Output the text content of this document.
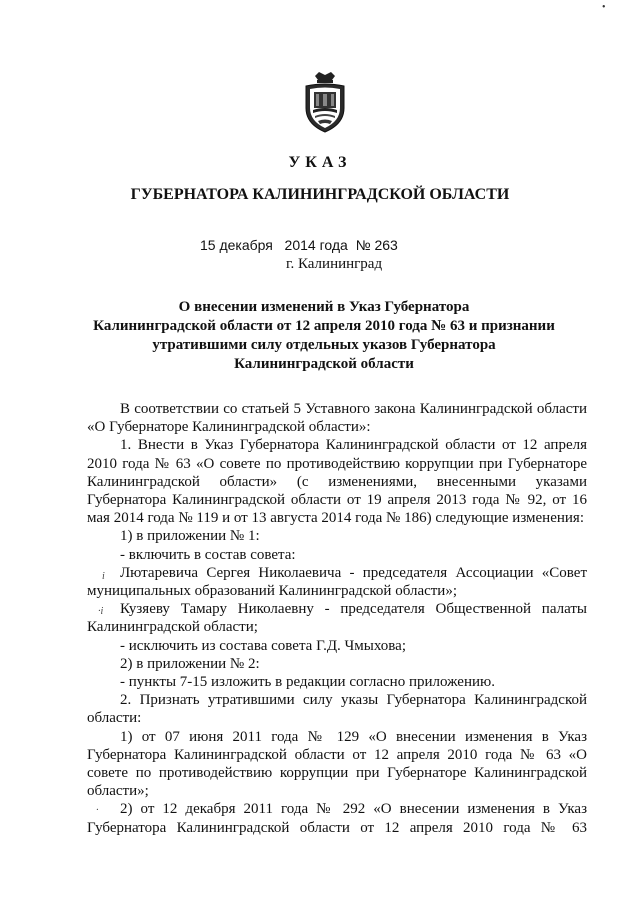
•
УКАЗ
ГУБЕРНАТОРА КАЛИНИНГРАДСКОЙ ОБЛАСТИ
15 декабря   2014 года  № 263
г. Калининград
О внесении изменений в Указ Губернатора
Калининградской области от 12 апреля 2010 года № 63 и признании
утратившими силу отдельных указов Губернатора
Калининградской области
i
·i
·

В соответствии со статьей 5 Уставного закона Калининградской области «О Губернаторе Калининградской области»:

1. Внести в Указ Губернатора Калининградской области от 12 апреля 2010 года № 63 «О совете по противодействию коррупции при Губернаторе Калининградской области» (с изменениями, внесенными указами Губернатора Калининградской области от 19 апреля 2013 года № 92, от 16 мая 2014 года № 119 и от 13 августа 2014 года № 186) следующие изменения:

1) в приложении № 1:

- включить в состав совета:

Лютаревича Сергея Николаевича - председателя Ассоциации «Совет муниципальных образований Калининградской области»;

Кузяеву Тамару Николаевну - председателя Общественной палаты Калининградской области;

- исключить из состава совета Г.Д. Чмыхова;

2) в приложении № 2:

- пункты 7-15 изложить в редакции согласно приложению.

2. Признать утратившими силу указы Губернатора Калининградской области:

1) от 07 июня 2011 года № 129 «О внесении изменения в Указ Губернатора Калининградской области от 12 апреля 2010 года № 63 «О совете по противодействию коррупции при Губернаторе Калининградской области»;

2) от 12 декабря 2011 года № 292 «О внесении изменения в Указ Губернатора Калининградской области от 12 апреля 2010 года № 63
